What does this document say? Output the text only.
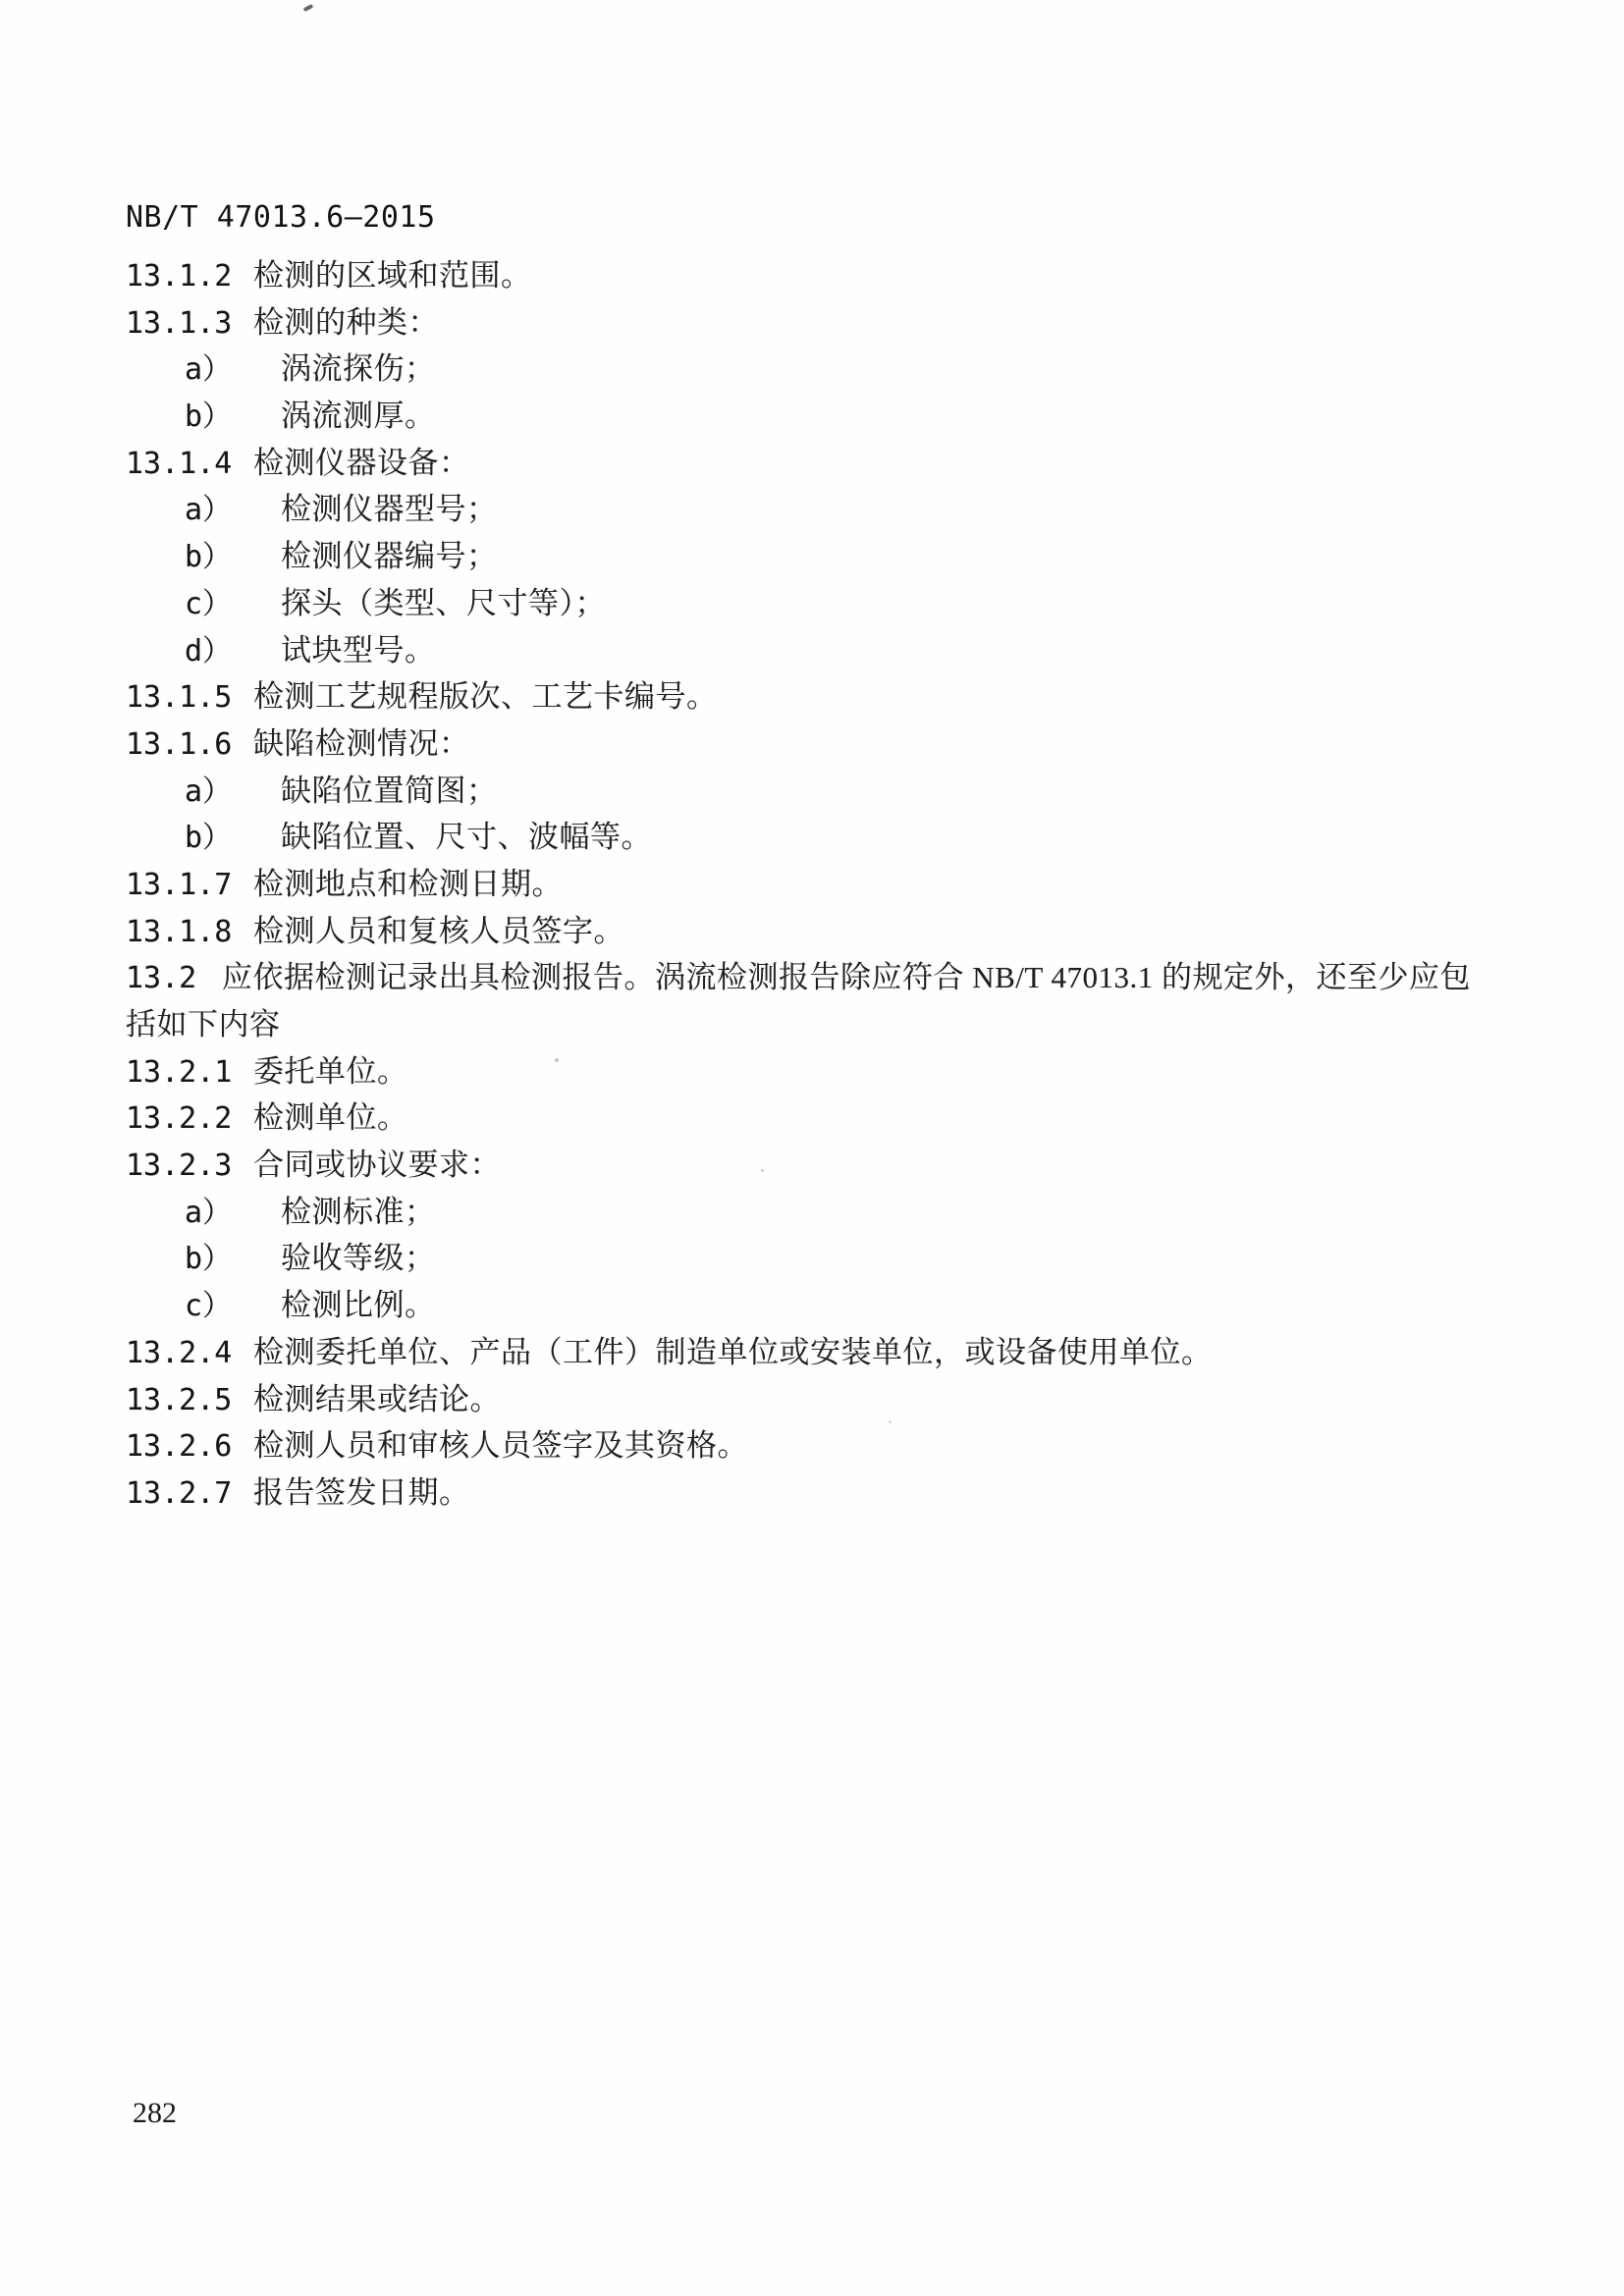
NB/T 47013.6—2015
13.1.2 检测的区域和范围。
13.1.3 检测的种类：
a） 涡流探伤；
b） 涡流测厚。
13.1.4 检测仪器设备：
a） 检测仪器型号；
b） 检测仪器编号；
c） 探头（类型、尺寸等）；
d） 试块型号。
13.1.5 检测工艺规程版次、工艺卡编号。
13.1.6 缺陷检测情况：
a） 缺陷位置简图；
b） 缺陷位置、尺寸、波幅等。
13.1.7 检测地点和检测日期。
13.1.8 检测人员和复核人员签字。
13.2 应依据检测记录出具检测报告。涡流检测报告除应符合 NB/T 47013.1 的规定外，还至少应包
括如下内容
13.2.1 委托单位。
13.2.2 检测单位。
13.2.3 合同或协议要求：
a） 检测标准；
b） 验收等级；
c） 检测比例。
13.2.4 检测委托单位、产品（工件）制造单位或安装单位，或设备使用单位。
13.2.5 检测结果或结论。
13.2.6 检测人员和审核人员签字及其资格。
13.2.7 报告签发日期。
282
